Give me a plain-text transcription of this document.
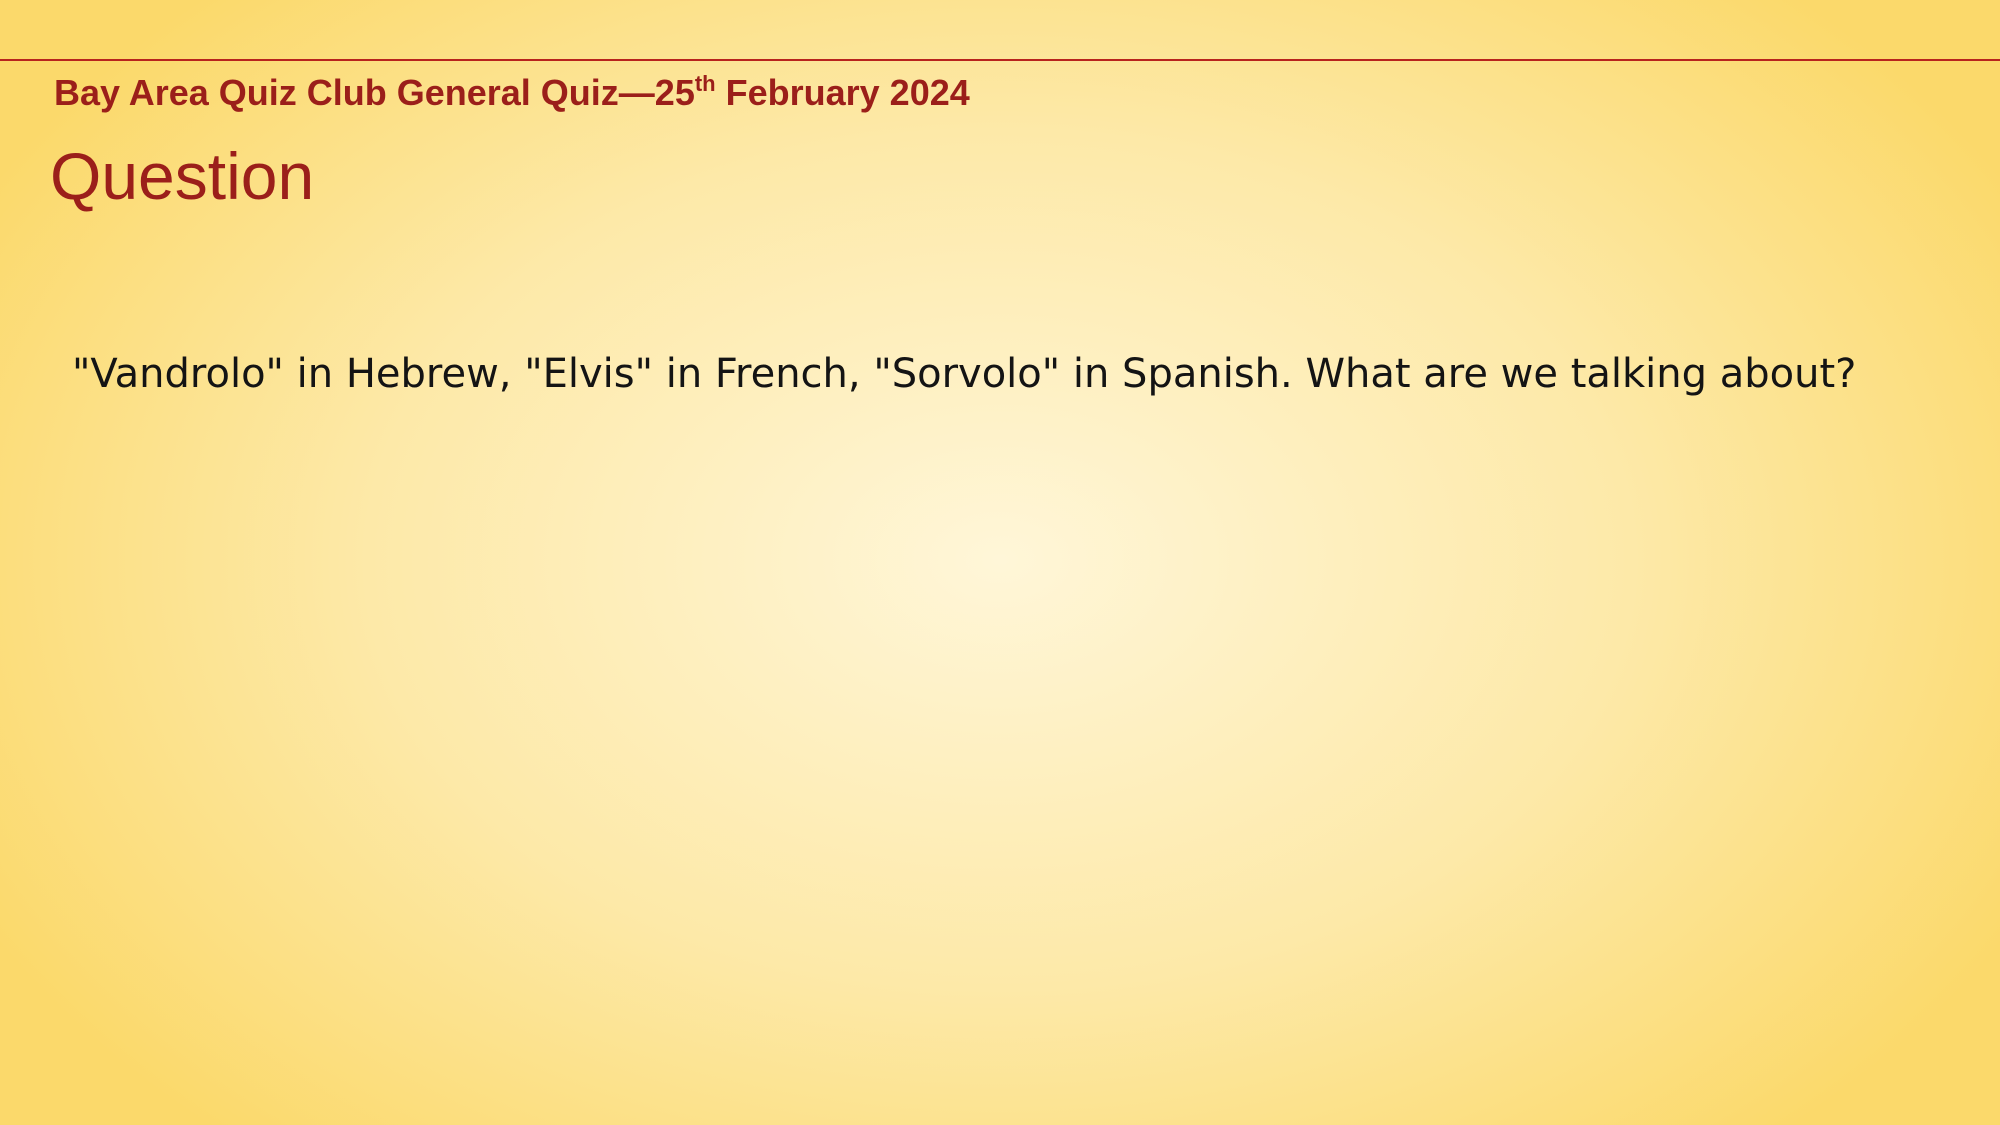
Bay Area Quiz Club General Quiz—25th February 2024
Question
"Vandrolo" in Hebrew, "Elvis" in French, "Sorvolo" in Spanish. What are we talking about?
